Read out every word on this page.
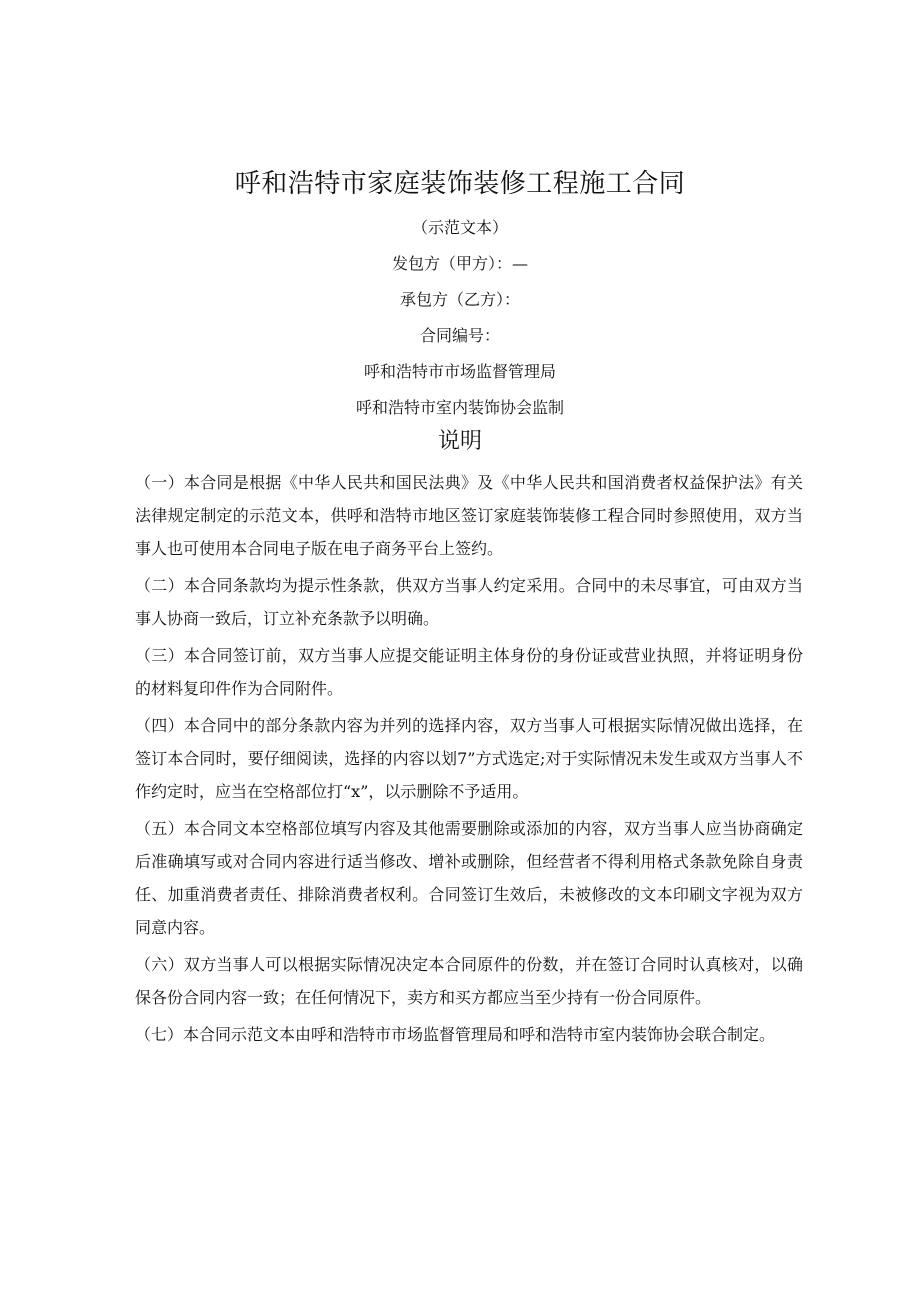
呼和浩特市家庭装饰装修工程施工合同
（示范文本）
发包方（甲方）：—
承包方（乙方）：
合同编号：
呼和浩特市市场监督管理局
呼和浩特市室内装饰协会监制
说明

（一）本合同是根据《中华人民共和国民法典》及《中华人民共和国消费者权益保护法》有关法律规定制定的示范文本，供呼和浩特市地区签订家庭装饰装修工程合同时参照使用，双方当事人也可使用本合同电子版在电子商务平台上签约。

（二）本合同条款均为提示性条款，供双方当事人约定采用。合同中的未尽事宜，可由双方当事人协商一致后，订立补充条款予以明确。

（三）本合同签订前，双方当事人应提交能证明主体身份的身份证或营业执照，并将证明身份的材料复印件作为合同附件。

（四）本合同中的部分条款内容为并列的选择内容，双方当事人可根据实际情况做出选择，在签订本合同时，要仔细阅读，选择的内容以划7”方式选定;对于实际情况未发生或双方当事人不作约定时，应当在空格部位打“x”，以示删除不予适用。

（五）本合同文本空格部位填写内容及其他需要删除或添加的内容，双方当事人应当协商确定后准确填写或对合同内容进行适当修改、增补或删除，但经营者不得利用格式条款免除自身责任、加重消费者责任、排除消费者权利。合同签订生效后，未被修改的文本印刷文字视为双方同意内容。

（六）双方当事人可以根据实际情况决定本合同原件的份数，并在签订合同时认真核对，以确保各份合同内容一致；在任何情况下，卖方和买方都应当至少持有一份合同原件。

（七）本合同示范文本由呼和浩特市市场监督管理局和呼和浩特市室内装饰协会联合制定。
